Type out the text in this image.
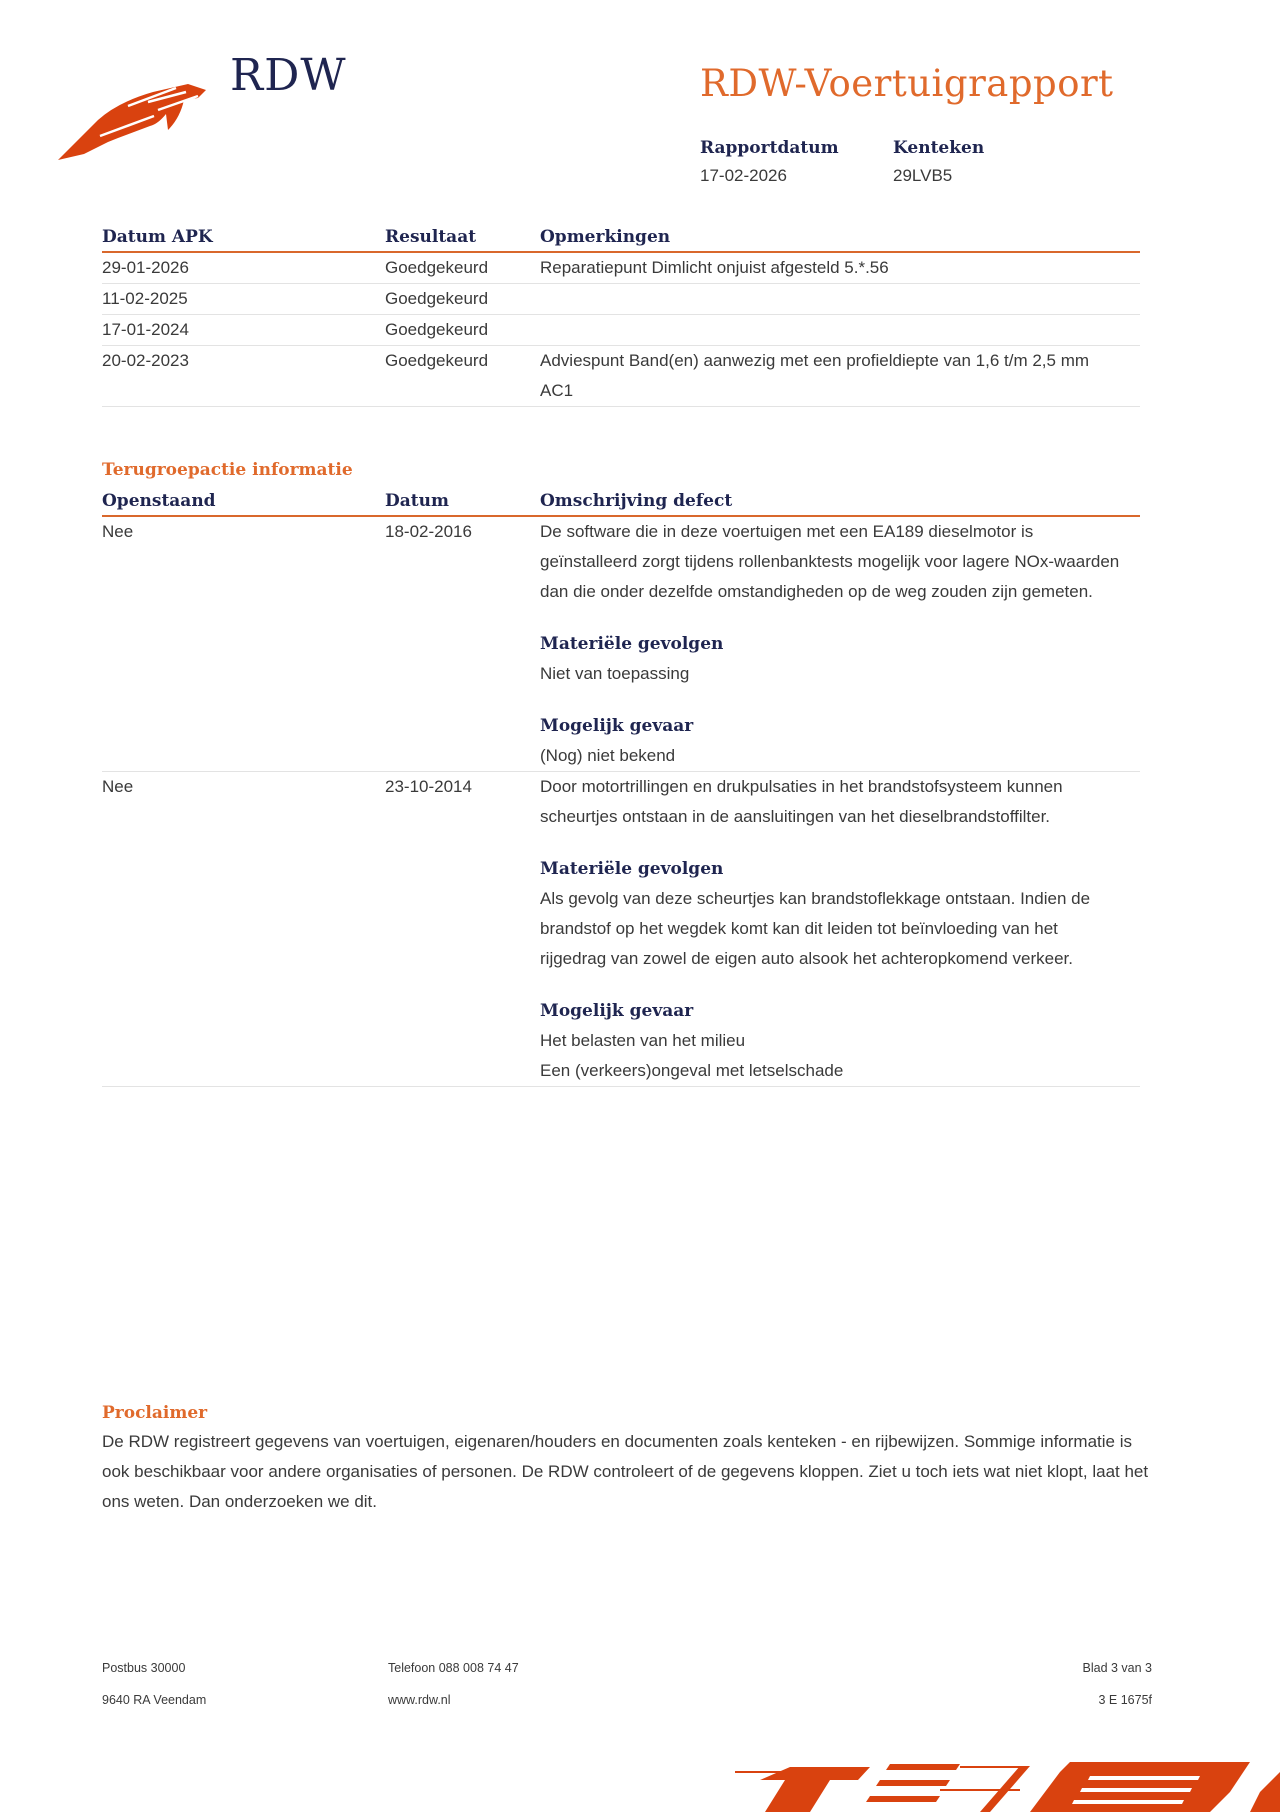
RDW	RDW-Voertuigrapport
Rapportdatum
17-02-2026
Kenteken
29LVB5
Datum APK	Resultaat	Opmerkingen
29-01-2026	Goedgekeurd	Reparatiepunt Dimlicht onjuist afgesteld 5.*.56
11-02-2025	Goedgekeurd
17-01-2024	Goedgekeurd
20-02-2023	Goedgekeurd	Adviespunt Band(en) aanwezig met een profieldiepte van 1,6 t/m 2,5 mm AC1
Terugroepactie informatie
Openstaand	Datum	Omschrijving defect
Nee	18-02-2016	De software die in deze voertuigen met een EA189 dieselmotor is geïnstalleerd zorgt tijdens rollenbanktests mogelijk voor lagere NOx-waarden dan die onder dezelfde omstandigheden op de weg zouden zijn gemeten.
Materiële gevolgen
Niet van toepassing
Mogelijk gevaar
(Nog) niet bekend
Nee	23-10-2014	Door motortrillingen en drukpulsaties in het brandstofsysteem kunnen scheurtjes ontstaan in de aansluitingen van het dieselbrandstoffilter.
Materiële gevolgen
Als gevolg van deze scheurtjes kan brandstoflekkage ontstaan. Indien de brandstof op het wegdek komt kan dit leiden tot beïnvloeding van het rijgedrag van zowel de eigen auto alsook het achteropkomend verkeer.
Mogelijk gevaar
Het belasten van het milieu
Een (verkeers)ongeval met letselschade
Proclaimer
De RDW registreert gegevens van voertuigen, eigenaren/houders en documenten zoals kenteken - en rijbewijzen. Sommige informatie is ook beschikbaar voor andere organisaties of personen. De RDW controleert of de gegevens kloppen. Ziet u toch iets wat niet klopt, laat het ons weten. Dan onderzoeken we dit.
Postbus 30000
9640 RA Veendam
Telefoon 088 008 74 47
www.rdw.nl
Blad 3 van 3
3 E 1675f
